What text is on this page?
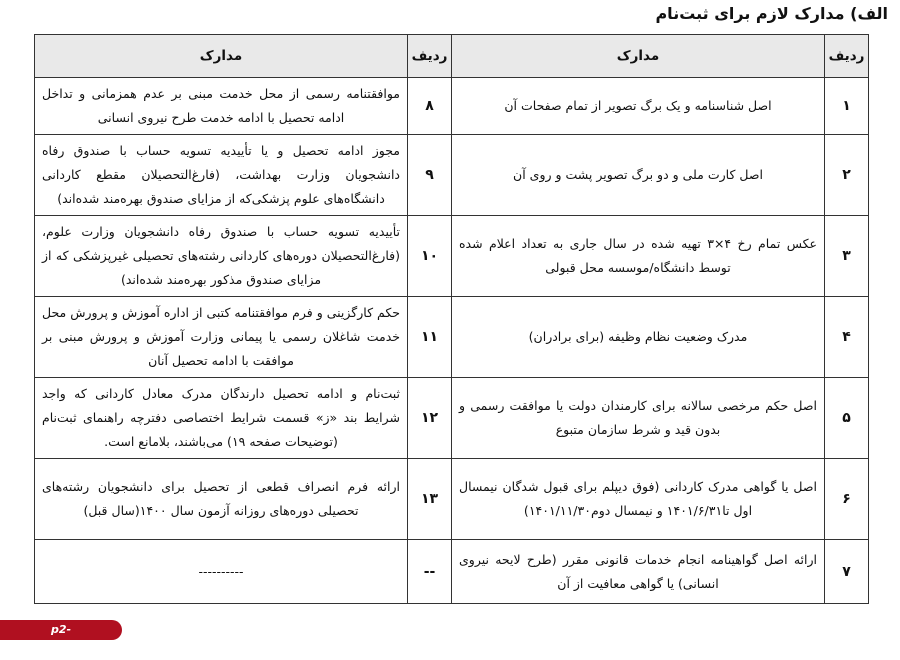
الف) مدارک لازم برای ثبت‌نام
ردیف	مدارک	ردیف	مدارک
۱	اصل شناسنامه و یک برگ تصویر از تمام صفحات آن	۸	موافقتنامه رسمی از محل خدمت مبنی بر عدم همزمانی و تداخل ادامه تحصیل با ادامه خدمت طرح نیروی انسانی
۲	اصل کارت ملی و دو برگ تصویر پشت و روی آن	۹	مجوز ادامه تحصیل و یا تأییدیه تسویه حساب با صندوق رفاه دانشجویان وزارت بهداشت، (فارغ‌التحصیلان مقطع کاردانی دانشگاه‌های علوم پزشکی‌که از مزایای صندوق بهره‌مند شده‌اند)
۳	عکس تمام رخ ۴×۳ تهیه شده در سال جاری به تعداد اعلام شده توسط دانشگاه/موسسه محل قبولی	۱۰	تأییدیه تسویه حساب با صندوق رفاه دانشجویان وزارت علوم، (فارغ‌التحصیلان دوره‌های کاردانی رشته‌های تحصیلی غیرپزشکی که از مزایای صندوق مذکور بهره‌مند شده‌اند)
۴	مدرک وضعیت نظام وظیفه (برای برادران)	۱۱	حکم کارگزینی و فرم موافقتنامه کتبی از اداره آموزش و پرورش محل خدمت شاغلان رسمی یا پیمانی وزارت آموزش و پرورش مبنی بر موافقت با ادامه تحصیل آنان
۵	اصل حکم مرخصی سالانه برای کارمندان دولت یا موافقت رسمی و بدون قید و شرط سازمان متبوع	۱۲	ثبت‌نام و ادامه تحصیل دارندگان مدرک معادل کاردانی که واجد شرایط بند «ز» قسمت شرایط اختصاصی دفترچه راهنمای ثبت‌نام (توضیحات صفحه ۱۹) می‌باشند، بلامانع است.
۶	اصل یا گواهی مدرک کاردانی (فوق دیپلم برای قبول شدگان نیمسال اول تا۱۴۰۱/۶/۳۱ و نیمسال دوم۱۴۰۱/۱۱/۳۰)	۱۳	ارائه فرم انصراف قطعی از تحصیل برای دانشجویان رشته‌های تحصیلی دوره‌های روزانه آزمون سال ۱۴۰۰(سال قبل)
۷	ارائه اصل گواهینامه انجام خدمات قانونی مقرر (طرح لایحه نیروی انسانی) یا گواهی معافیت از آن	--	----------
p2-zahedan.nus.ac.ir
